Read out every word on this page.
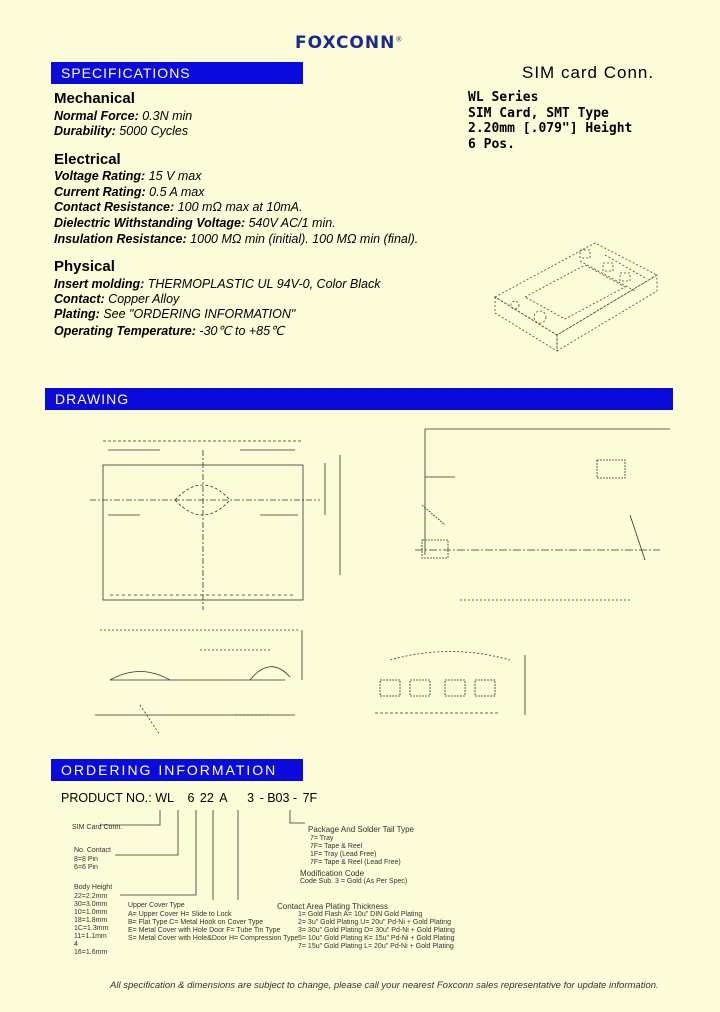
FOXCONN®
SPECIFICATIONS	SIM card Conn.
WL Series
SIM Card, SMT Type
2.20mm [.079"] Height
6 Pos.
Mechanical
Normal Force: 0.3N min
Durability: 5000 Cycles
Electrical
Voltage Rating: 15 V max
Current Rating: 0.5 A max
Contact Resistance: 100 mΩ max at 10mA.
Dielectric Withstanding Voltage: 540V AC/1 min.
Insulation Resistance: 1000 MΩ min (initial). 100 MΩ min (final).
Physical
Insert molding: THERMOPLASTIC UL 94V-0, Color Black
Contact: Copper Alloy
Plating: See "ORDERING INFORMATION"
Operating Temperature: -30℃ to +85℃
DRAWING
ORDERING INFORMATION
PRODUCT NO.: WL 6 22 A 3 - B03 - 7F
SIM Card Conn.
No. Contact
8=8 Pin
6=6 Pin
Body Height
22=2.2mm
30=3.0mm
10=1.0mm
18=1.8mm
1C=1.3mm
11=1.1mm
4
16=1.6mm
Upper Cover Type
A= Upper Cover H= Slide to Lock
B= Flat Type C= Metal Hook on Cover Type
E= Metal Cover with Hole Door F= Tube Tin Type
S= Metal Cover with Hole&Door H= Compression Type
Package And Solder Tail Type
7= Tray
7F= Tape & Reel
1F= Tray (Lead Free)
7F= Tape & Reel (Lead Free)
Modification Code
Code Sub. 3 = Gold (As Per Spec)
Contact Area Plating Thickness
1= Gold Flash A= 10u" DIN Gold Plating
2= 3u" Gold Plating U= 20u" Pd-Ni + Gold Plating
3= 30u" Gold Plating D= 30u" Pd-Ni + Gold Plating
5= 10u" Gold Plating K= 15u" Pd-Ni + Gold Plating
7= 15u" Gold Plating L= 20u" Pd-Ni + Gold Plating
All specification & dimensions are subject to change, please call your nearest Foxconn sales representative for update information.
